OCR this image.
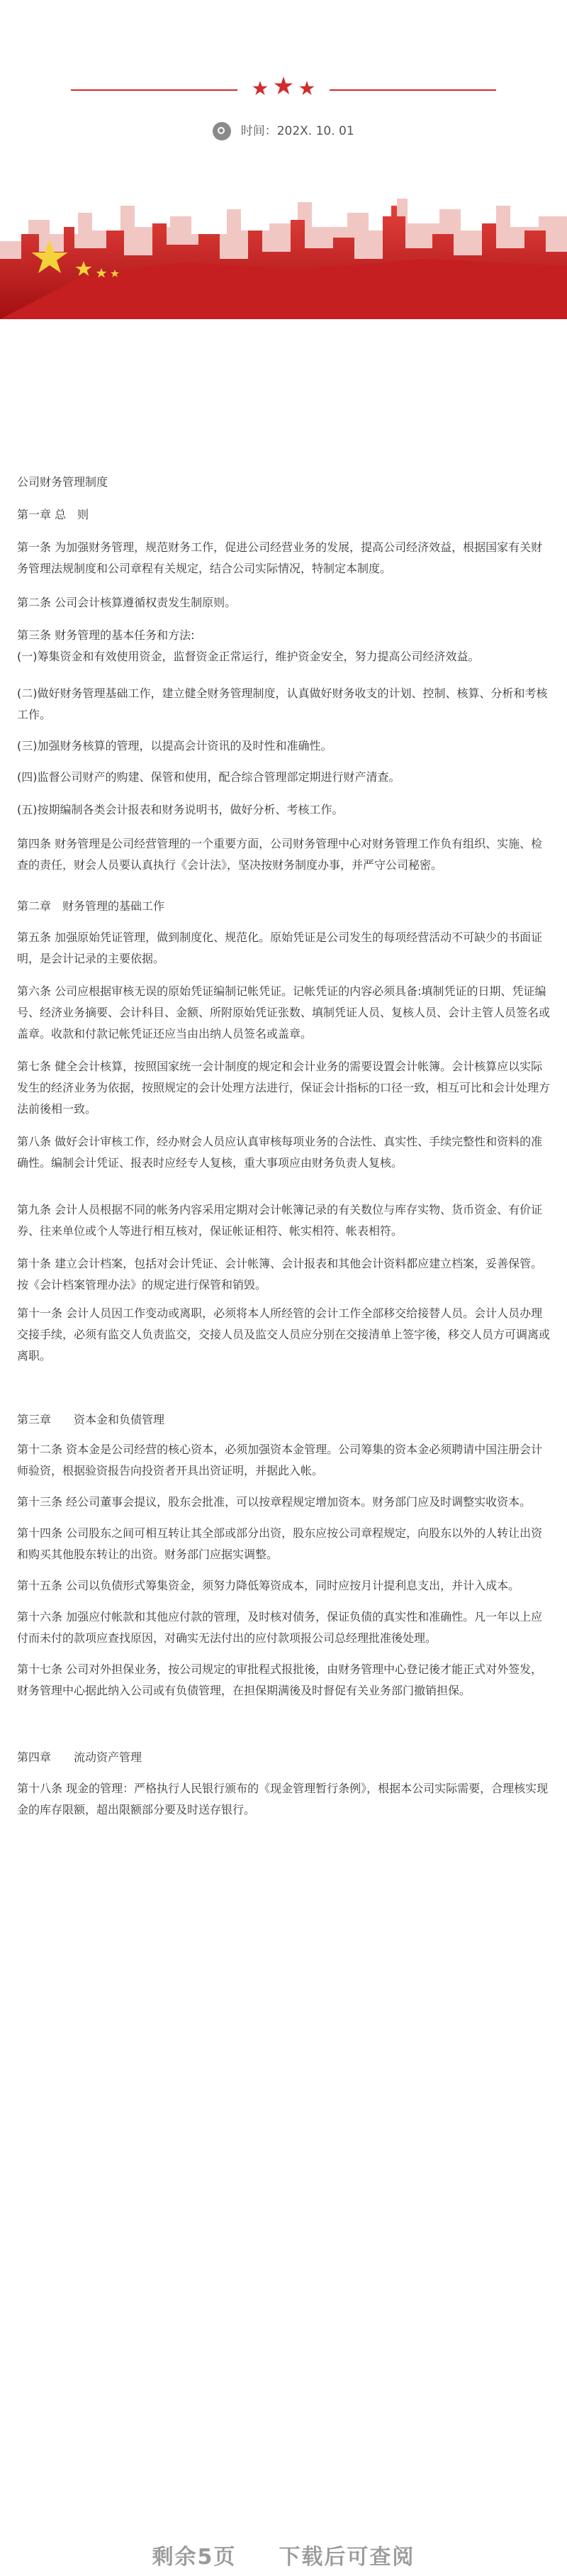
时间：202X. 10. 01

公司财务管理制度

第一章 总　则

第一条 为加强财务管理，规范财务工作，促进公司经营业务的发展，提高公司经济效益，根据国家有关财务管理法规制度和公司章程有关规定，结合公司实际情况，特制定本制度。

第二条 公司会计核算遵循权责发生制原则。

第三条 财务管理的基本任务和方法:
(一)筹集资金和有效使用资金，监督资金正常运行，维护资金安全，努力提高公司经济效益。

(二)做好财务管理基础工作，建立健全财务管理制度，认真做好财务收支的计划、控制、核算、分析和考核工作。

(三)加强财务核算的管理，以提高会计资讯的及时性和准确性。

(四)监督公司财产的购建、保管和使用，配合综合管理部定期进行财产清查。

(五)按期编制各类会计报表和财务说明书，做好分析、考核工作。

第四条 财务管理是公司经营管理的一个重要方面，公司财务管理中心对财务管理工作负有组织、实施、检查的责任，财会人员要认真执行《会计法》，坚决按财务制度办事，并严守公司秘密。

第二章　财务管理的基础工作

第五条 加强原始凭证管理，做到制度化、规范化。原始凭证是公司发生的每项经营活动不可缺少的书面证明，是会计记录的主要依据。

第六条 公司应根据审核无误的原始凭证编制记帐凭证。记帐凭证的内容必须具备:填制凭证的日期、凭证编号、经济业务摘要、会计科目、金额、所附原始凭证张数、填制凭证人员、复核人员、会计主管人员签名或盖章。收款和付款记帐凭证还应当由出纳人员签名或盖章。

第七条 健全会计核算，按照国家统一会计制度的规定和会计业务的需要设置会计帐簿。会计核算应以实际发生的经济业务为依据，按照规定的会计处理方法进行，保证会计指标的口径一致，相互可比和会计处理方法前後相一致。

第八条 做好会计审核工作，经办财会人员应认真审核每项业务的合法性、真实性、手续完整性和资料的准确性。编制会计凭证、报表时应经专人复核，重大事项应由财务负责人复核。

第九条 会计人员根据不同的帐务内容采用定期对会计帐簿记录的有关数位与库存实物、货币资金、有价证券、往来单位或个人等进行相互核对，保证帐证相符、帐实相符、帐表相符。

第十条 建立会计档案，包括对会计凭证、会计帐簿、会计报表和其他会计资料都应建立档案，妥善保管。按《会计档案管理办法》的规定进行保管和销毁。

第十一条 会计人员因工作变动或离职，必须将本人所经管的会计工作全部移交给接替人员。会计人员办理交接手续，必须有监交人负责监交，交接人员及监交人员应分别在交接清单上签字後，移交人员方可调离或离职。

第三章　　资本金和负债管理

第十二条 资本金是公司经营的核心资本，必须加强资本金管理。公司筹集的资本金必须聘请中国注册会计师验资，根据验资报告向投资者开具出资证明，并据此入帐。

第十三条 经公司董事会提议，股东会批准，可以按章程规定增加资本。财务部门应及时调整实收资本。

第十四条 公司股东之间可相互转让其全部或部分出资，股东应按公司章程规定，向股东以外的人转让出资和购买其他股东转让的出资。财务部门应据实调整。

第十五条 公司以负债形式筹集资金，须努力降低筹资成本，同时应按月计提利息支出，并计入成本。

第十六条 加强应付帐款和其他应付款的管理，及时核对债务，保证负债的真实性和准确性。凡一年以上应付而未付的款项应查找原因，对确实无法付出的应付款项报公司总经理批准後处理。

第十七条 公司对外担保业务，按公司规定的审批程式报批後，由财务管理中心登记後才能正式对外签发，财务管理中心据此纳入公司或有负债管理，在担保期满後及时督促有关业务部门撤销担保。

第四章　　流动资产管理

第十八条 现金的管理：严格执行人民银行颁布的《现金管理暂行条例》，根据本公司实际需要，合理核实现金的库存限额，超出限额部分要及时送存银行。

剩余5页 下载后可查阅
